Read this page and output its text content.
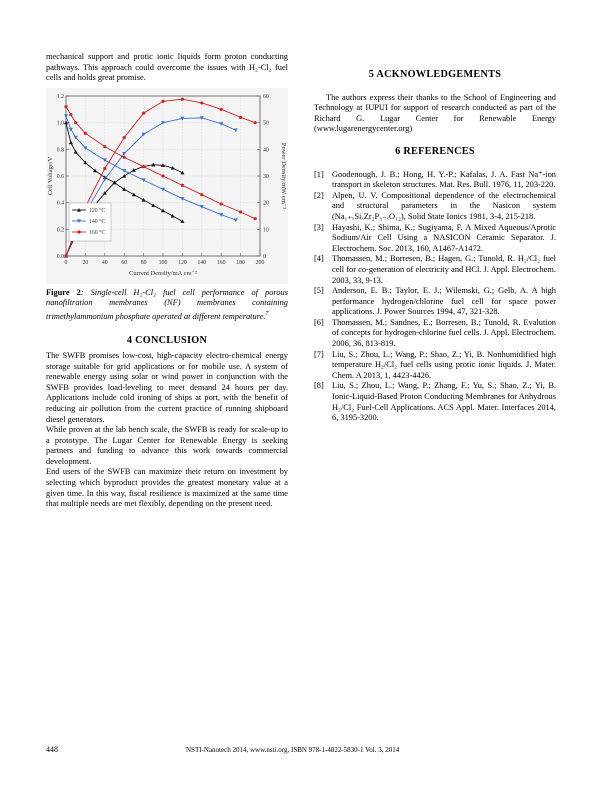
mechanical support and protic ionic liquids form proton conducting pathways. This approach could overcome the issues with H₂-Cl₂ fuel cells and holds great promise.

0	20 40 60 80 100 120 140 160 180 200
0.0
0.2
0.4
0.6
0.8
1.0
1.2
0
10
20
30
40
50
60
120 °C
140 °C
160 °C
Current Density/mA cm⁻²
Cell Voltage/V	Power Density/mW cm⁻²

Figure 2: Single-cell H₂-Cl₂ fuel cell performance of porous nanofiltration membranes (NF) membranes containing trimethylammonium phosphate operated at different temperature.$^7$

4 CONCLUSION

The SWFB promises low-cost, high-capacity electro-chemical energy storage suitable for grid applications or for mobile use. A system of renewable energy using solar or wind power in conjunction with the SWFB provides load-leveling to meet demand 24 hours per day. Applications include cold ironing of ships at port, with the benefit of reducing air pollution from the current practice of running shipboard diesel generators.

While proven at the lab bench scale, the SWFB is ready for scale-up to a prototype. The Lugar Center for Renewable Energy is seeking partners and funding to advance this work towards commercial development.

End users of the SWFB can maximize their return on investment by selecting which byproduct provides the greatest monetary value at a given time. In this way, fiscal resilience is maximized at the same time that multiple needs are met flexibly, depending on the present need.

5 ACKNOWLEDGEMENTS

The authors express their thanks to the School of Engineering and Technology at IUPUI for support of research conducted as part of the Richard G. Lugar Center for Renewable Energy (www.lugarenergycenter.org)

6 REFERENCES
[1] Goodenough, J. B.; Hong, H. Y.-P.; Kafalas, J. A. Fast Na⁺-ion transport in skeleton structures. Mat. Res. Bull. 1976, 11, 203-220.
[2] Alpen, U. V. Compositional dependence of the electrochemical and structural parameters in the Nasicon system (Na₁₊ₓSiₓZr₂P₃₋ₓO₁₂), Solid State Ionics 1981, 3-4, 215-218.
[3] Hayashi, K.; Shima, K.; Sugiyama, F. A Mixed Aqueous/Aprotic Sodium/Air Cell Using a NASICON Ceramic Separator. J. Electrochem. Soc. 2013, 160, A1467-A1472.
[4] Thomassen, M.; Borresen, B.; Hagen, G.; Tunold, R. H₂/Cl₂ fuel cell for co-generation of electricity and HCl. J. Appl. Electrochem. 2003, 33, 9-13.
[5] Anderson, E. B.; Taylor, E. J.; Wilemski, G.; Gelb, A. A high performance hydrogen/chlorine fuel cell for space power applications. J. Power Sources 1994, 47, 321-328.
[6] Thomassen, M.; Sandnes, E.; Borresen, B.; Tunold, R. Evalution of concepts for hydrogen-chlorine fuel cells. J. Appl. Electrochem. 2006, 36, 813-819.
[7] Liu, S.; Zhou, L.; Wang, P.; Shao, Z.; Yi, B. Nonhumidified high temperature H₂/Cl₂ fuel cells using protic ionic liquids. J. Mater. Chem. A 2013, 1, 4423-4426.
[8] Liu, S.; Zhou, L.; Wang, P.; Zhang, F.; Yu, S.; Shao, Z.; Yi, B. Ionic-Liquid-Based Proton Conducting Membranes for Anhydrous H₂/Cl₂ Fuel-Cell Applications. ACS Appl. Mater. Interfaces 2014, 6, 3195-3200.
448	NSTI-Nanotech 2014, www.nsti.org, ISBN 978-1-4822-5830-1 Vol. 3, 2014
